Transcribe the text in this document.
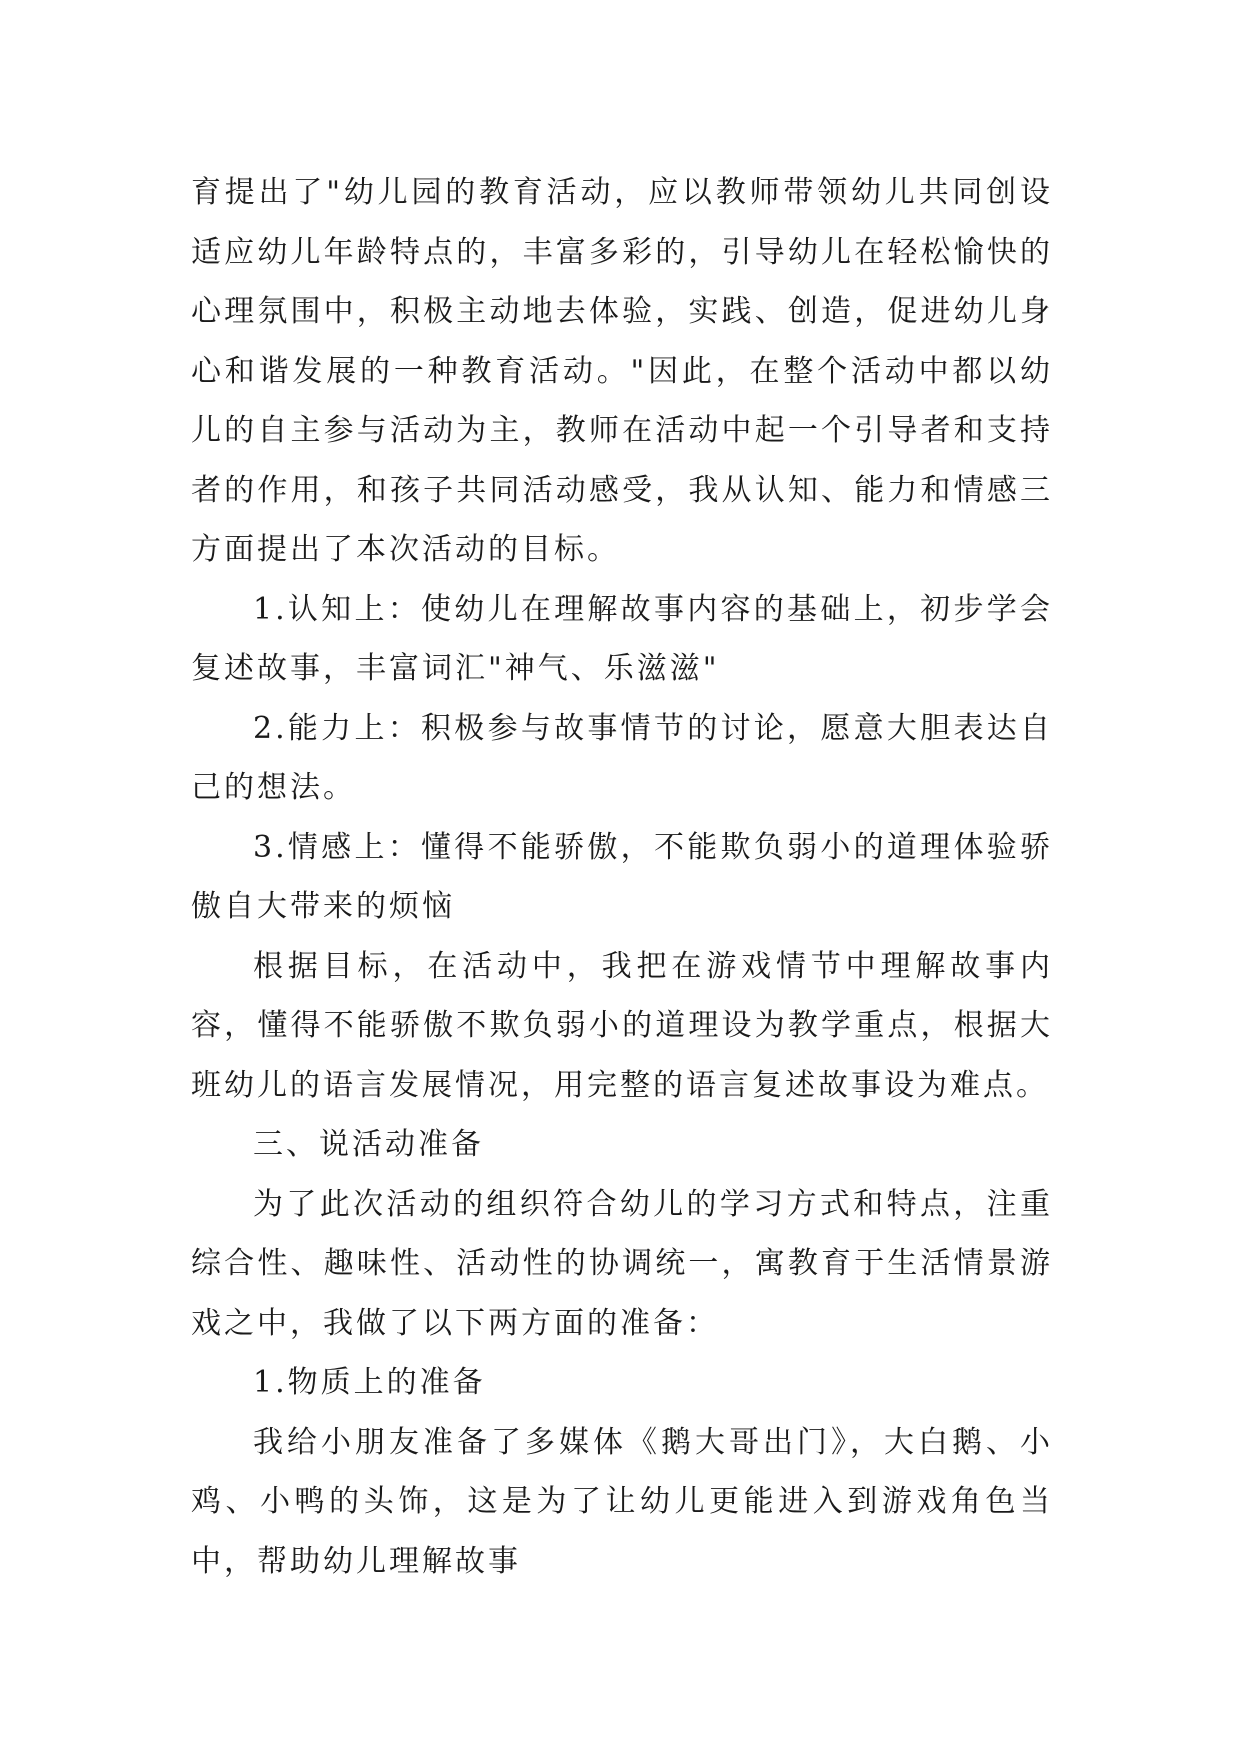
育提出了"幼儿园的教育活动，应以教师带领幼儿共同创设适应幼儿年龄特点的，丰富多彩的，引导幼儿在轻松愉快的心理氛围中，积极主动地去体验，实践、创造，促进幼儿身心和谐发展的一种教育活动。"因此，在整个活动中都以幼儿的自主参与活动为主，教师在活动中起一个引导者和支持者的作用，和孩子共同活动感受，我从认知、能力和情感三方面提出了本次活动的目标。

1.认知上：使幼儿在理解故事内容的基础上，初步学会复述故事，丰富词汇"神气、乐滋滋"

2.能力上：积极参与故事情节的讨论，愿意大胆表达自己的想法。

3.情感上：懂得不能骄傲，不能欺负弱小的道理体验骄傲自大带来的烦恼

根据目标，在活动中，我把在游戏情节中理解故事内容，懂得不能骄傲不欺负弱小的道理设为教学重点，根据大班幼儿的语言发展情况，用完整的语言复述故事设为难点。

三、说活动准备

为了此次活动的组织符合幼儿的学习方式和特点，注重综合性、趣味性、活动性的协调统一，寓教育于生活情景游戏之中，我做了以下两方面的准备：

1.物质上的准备

我给小朋友准备了多媒体《鹅大哥出门》，大白鹅、小鸡、小鸭的头饰，这是为了让幼儿更能进入到游戏角色当中，帮助幼儿理解故事
